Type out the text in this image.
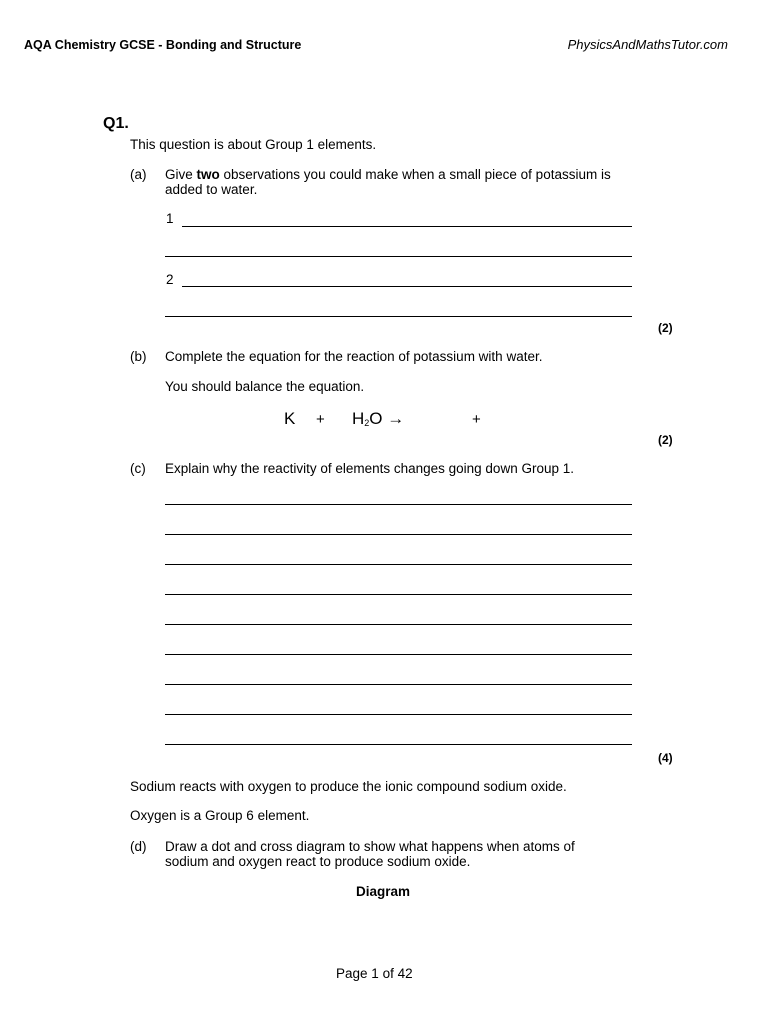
AQA Chemistry GCSE - Bonding and Structure	PhysicsAndMathsTutor.com
Q1.
This question is about Group 1 elements.
(a) Give two observations you could make when a small piece of potassium is
added to water.
1
2
(2)
(b) Complete the equation for the reaction of potassium with water.
You should balance the equation.
$K + H_2O$ →	+
(2)
(c) Explain why the reactivity of elements changes going down Group 1.
(4)
Sodium reacts with oxygen to produce the ionic compound sodium oxide.
Oxygen is a Group 6 element.
(d) Draw a dot and cross diagram to show what happens when atoms of
sodium and oxygen react to produce sodium oxide.
Diagram
Page 1 of 42
